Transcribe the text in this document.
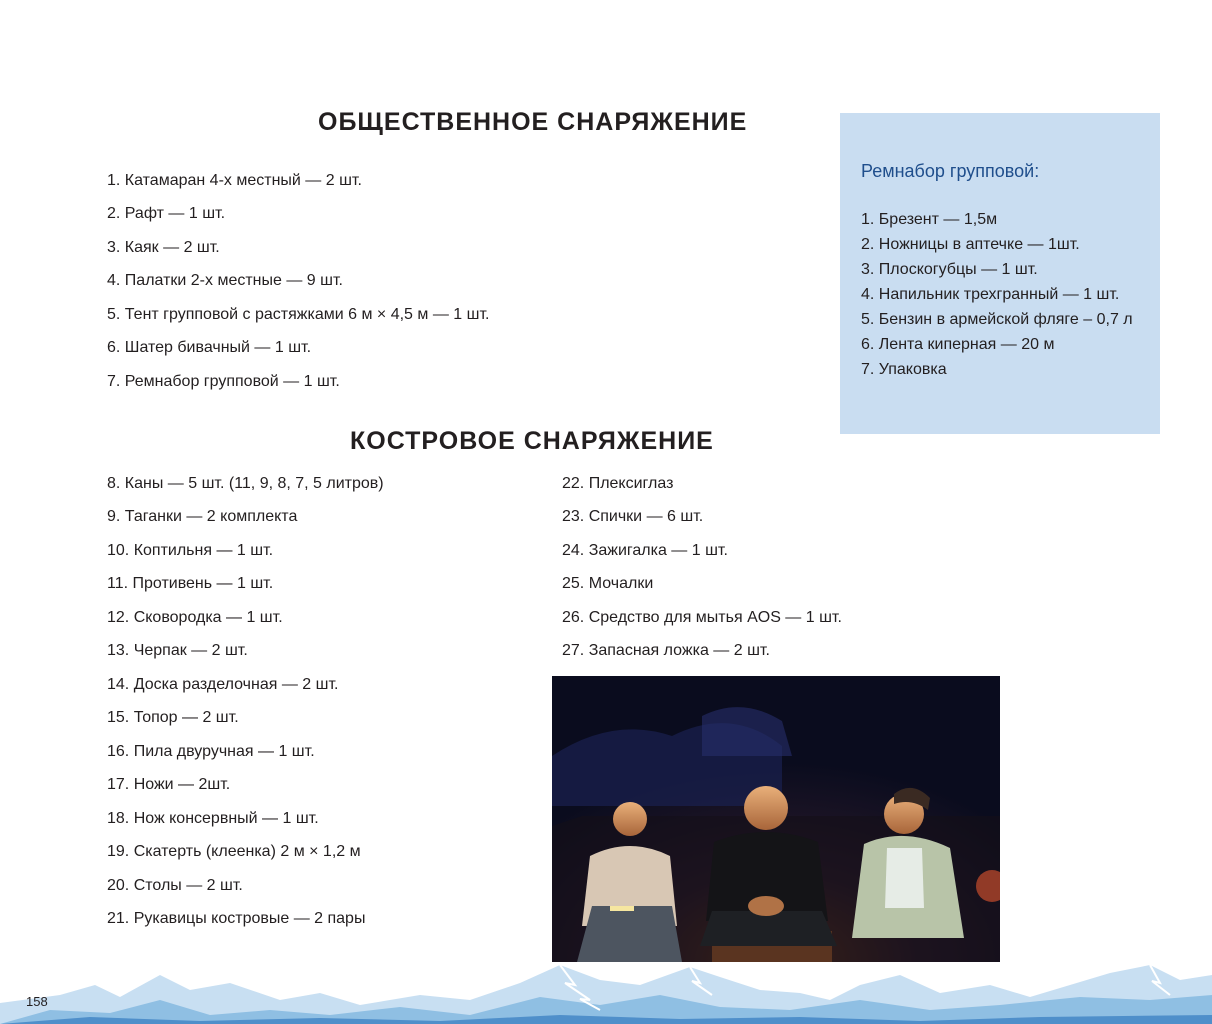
ОБЩЕСТВЕННОЕ СНАРЯЖЕНИЕ
1. Катамаран 4-х местный — 2 шт.
2. Рафт — 1 шт.
3. Каяк — 2 шт.
4. Палатки 2-х местные — 9 шт.
5. Тент групповой с растяжками 6 м × 4,5 м — 1 шт.
6. Шатер бивачный — 1 шт.
7. Ремнабор групповой — 1 шт.
Ремнабор групповой:
1. Брезент — 1,5м
2. Ножницы в аптечке — 1шт.
3. Плоскогубцы — 1 шт.
4. Напильник трехгранный — 1 шт.
5. Бензин в армейской фляге – 0,7 л
6. Лента киперная — 20 м
7. Упаковка
КОСТРОВОЕ СНАРЯЖЕНИЕ
8. Каны — 5 шт. (11, 9, 8, 7, 5 литров)
9. Таганки — 2 комплекта
10. Коптильня — 1 шт.
11. Противень — 1 шт.
12. Сковородка — 1 шт.
13. Черпак — 2 шт.
14. Доска разделочная — 2 шт.
15. Топор — 2 шт.
16. Пила двуручная — 1 шт.
17. Ножи — 2шт.
18. Нож консервный — 1 шт.
19. Скатерть (клеенка) 2 м × 1,2 м
20. Столы — 2 шт.
21. Рукавицы костровые — 2 пары
22. Плексиглаз
23. Спички — 6 шт.
24. Зажигалка — 1 шт.
25. Мочалки
26. Средство для мытья AOS — 1 шт.
27. Запасная ложка — 2 шт.
158
